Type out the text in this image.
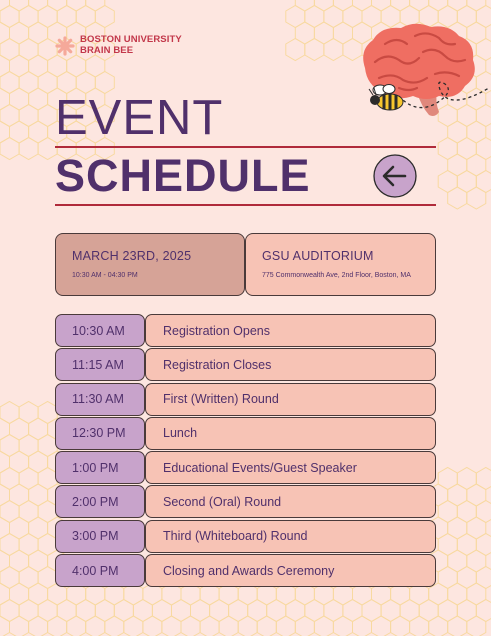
BOSTON UNIVERSITY
BRAIN BEE
EVENT
SCHEDULE
MARCH 23RD, 2025
10:30 AM - 04:30 PM
GSU AUDITORIUM
775 Commonwealth Ave, 2nd Floor, Boston, MA
10:30 AM	Registration Opens
11:15 AM	Registration Closes
11:30 AM	First (Written) Round
12:30 PM	Lunch
1:00 PM	Educational Events/Guest Speaker
2:00 PM	Second (Oral) Round
3:00 PM	Third (Whiteboard) Round
4:00 PM	Closing and Awards Ceremony
